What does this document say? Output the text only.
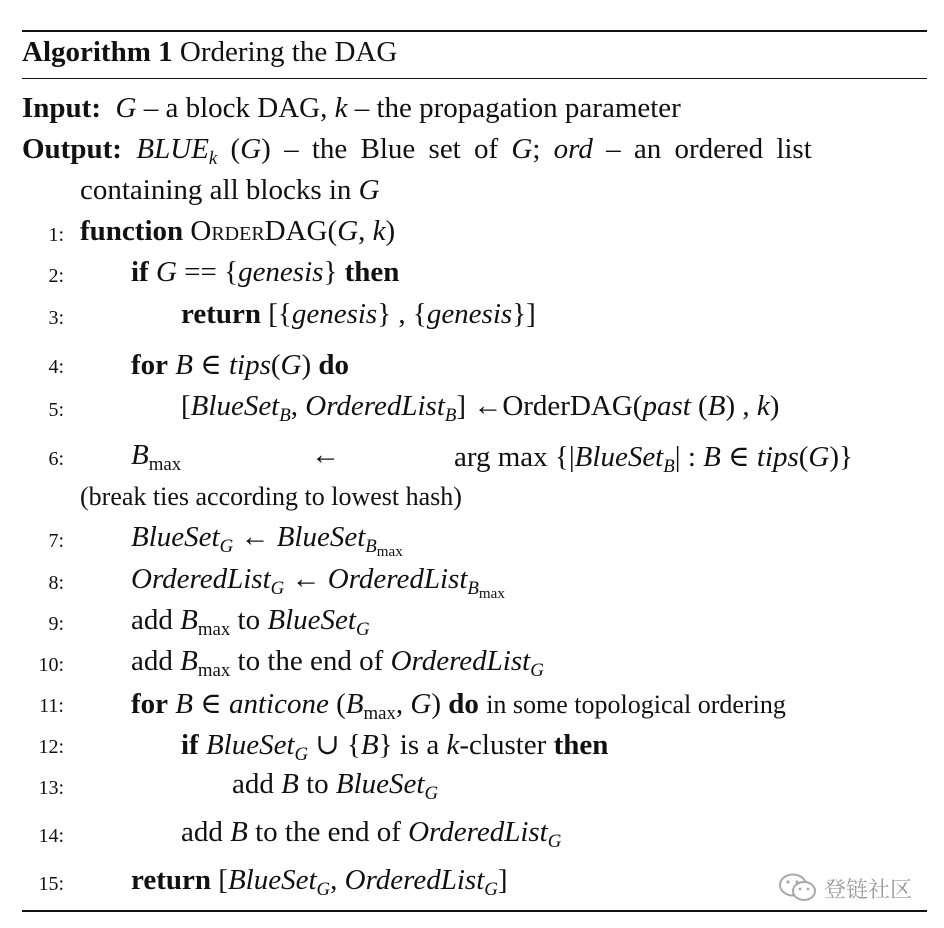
Algorithm 1 Ordering the DAG
Input: G – a block DAG, k – the propagation parameter
Output: $BLUE_k$ (G) – the Blue set of G; ord – an ordered list
containing all blocks in G
1: function OrderDAG(G, k)
2: if G == {genesis} then
3:	return [{genesis} , {genesis}]
4: for B ∈ tips(G) do
5:	[BlueSet$_B$, OrderedList$_B$] ←OrderDAG(past (B) , k)
6: $B_{max}$	←	arg max {|BlueSet$_B$| : B ∈ tips(G)}
(break ties according to lowest hash)
7: BlueSet$_G$ ← BlueSet$_{B_{max}}$
8: OrderedList$_G$ ← OrderedList$_{B_{max}}$
9: add $B_{max}$ to BlueSet$_G$
10: add $B_{max}$ to the end of OrderedList$_G$
11: for B ∈ anticone ($B_{max}$, G) do in some topological ordering
12:	if BlueSet$_G$ ∪ {B} is a k-cluster then
13:	add B to BlueSet$_G$
14:	add B to the end of OrderedList$_G$
15: return [BlueSet$_G$, OrderedList$_G$]	登链社区
